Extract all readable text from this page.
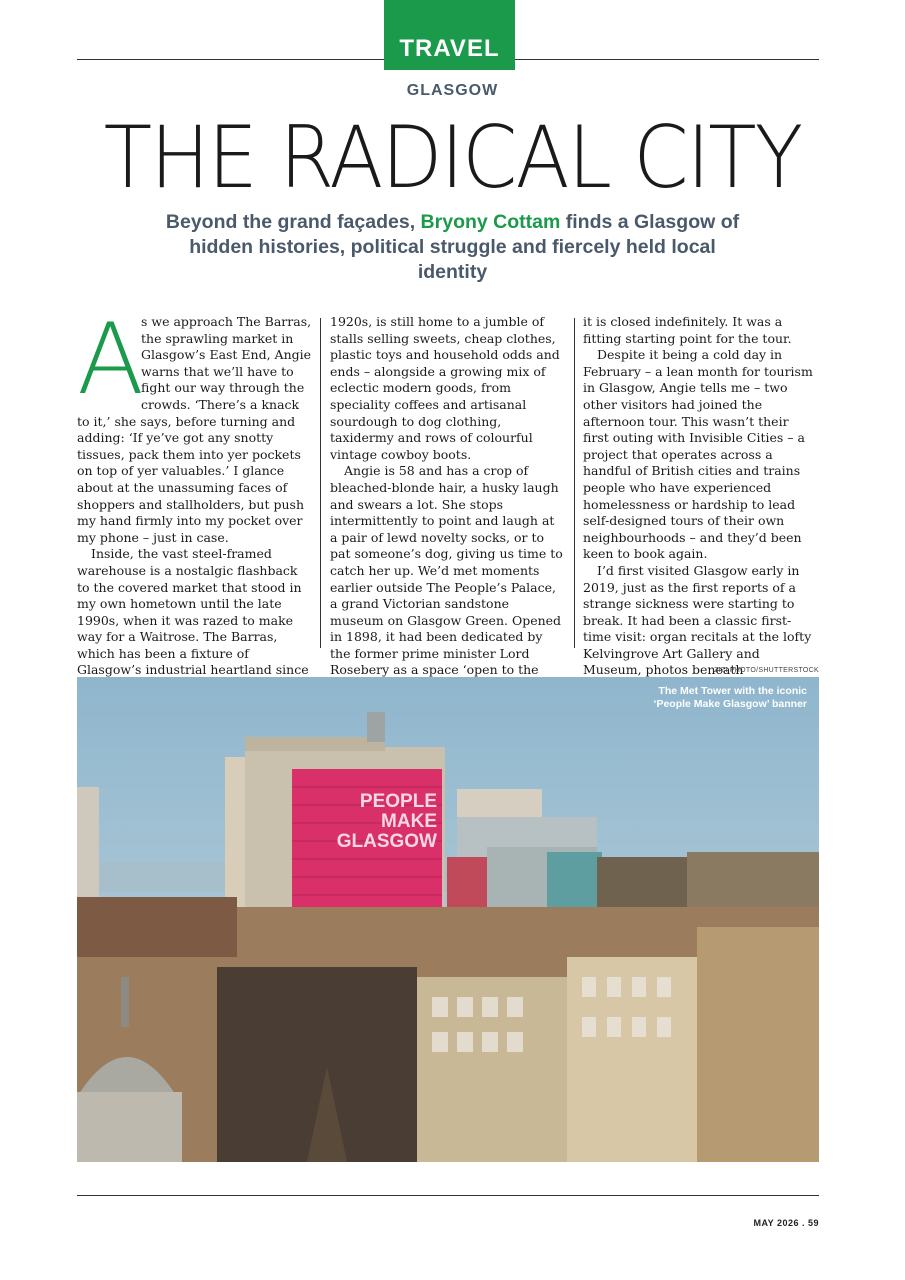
TRAVEL
GLASGOW
THE RADICAL CITY
Beyond the grand façades, Bryony Cottam finds a Glasgow of hidden histories, political struggle and fiercely held local identity
A

s we approach The Barras, the sprawling market in Glasgow’s East End, Angie warns that we’ll have to fight our way through the crowds. ‘There’s a knack to it,’ she says, before turning and adding: ‘If ye’ve got any snotty tissues, pack them into yer pockets on top of yer valuables.’ I glance about at the unassuming faces of shoppers and stallholders, but push my hand firmly into my pocket over my phone – just in case.

Inside, the vast steel-framed warehouse is a nostalgic flashback to the covered market that stood in my own hometown until the late 1990s, when it was razed to make way for a Waitrose. The Barras, which has been a fixture of Glasgow’s industrial heartland since

1920s, is still home to a jumble of stalls selling sweets, cheap clothes, plastic toys and household odds and ends – alongside a growing mix of eclectic modern goods, from speciality coffees and artisanal sourdough to dog clothing, taxidermy and rows of colourful vintage cowboy boots.

Angie is 58 and has a crop of bleached-blonde hair, a husky laugh and swears a lot. She stops intermittently to point and laugh at a pair of lewd novelty socks, or to pat someone’s dog, giving us time to catch her up. We’d met moments earlier outside The People’s Palace, a grand Victorian sandstone museum on Glasgow Green. Opened in 1898, it had been dedicated by the former prime minister Lord Rosebery as a space ‘open to the

it is closed indefinitely. It was a fitting starting point for the tour.

Despite it being a cold day in February – a lean month for tourism in Glasgow, Angie tells me – two other visitors had joined the afternoon tour. This wasn’t their first outing with Invisible Cities – a project that operates across a handful of British cities and trains people who have experienced homelessness or hardship to lead self-designed tours of their own neighbourhoods – and they’d been keen to book again.

I’d first visited Glasgow early in 2019, just as the first reports of a strange sickness were starting to break. It had been a classic first-time visit: organ recitals at the lofty Kelvingrove Art Gallery and Museum, photos beneath

ZIZI PHOTO/SHUTTERSTOCK
PEOPLE
MAKE
GLASGOW
The Met Tower with the iconic
‘People Make Glasgow’ banner
MAY 2026 . 59
